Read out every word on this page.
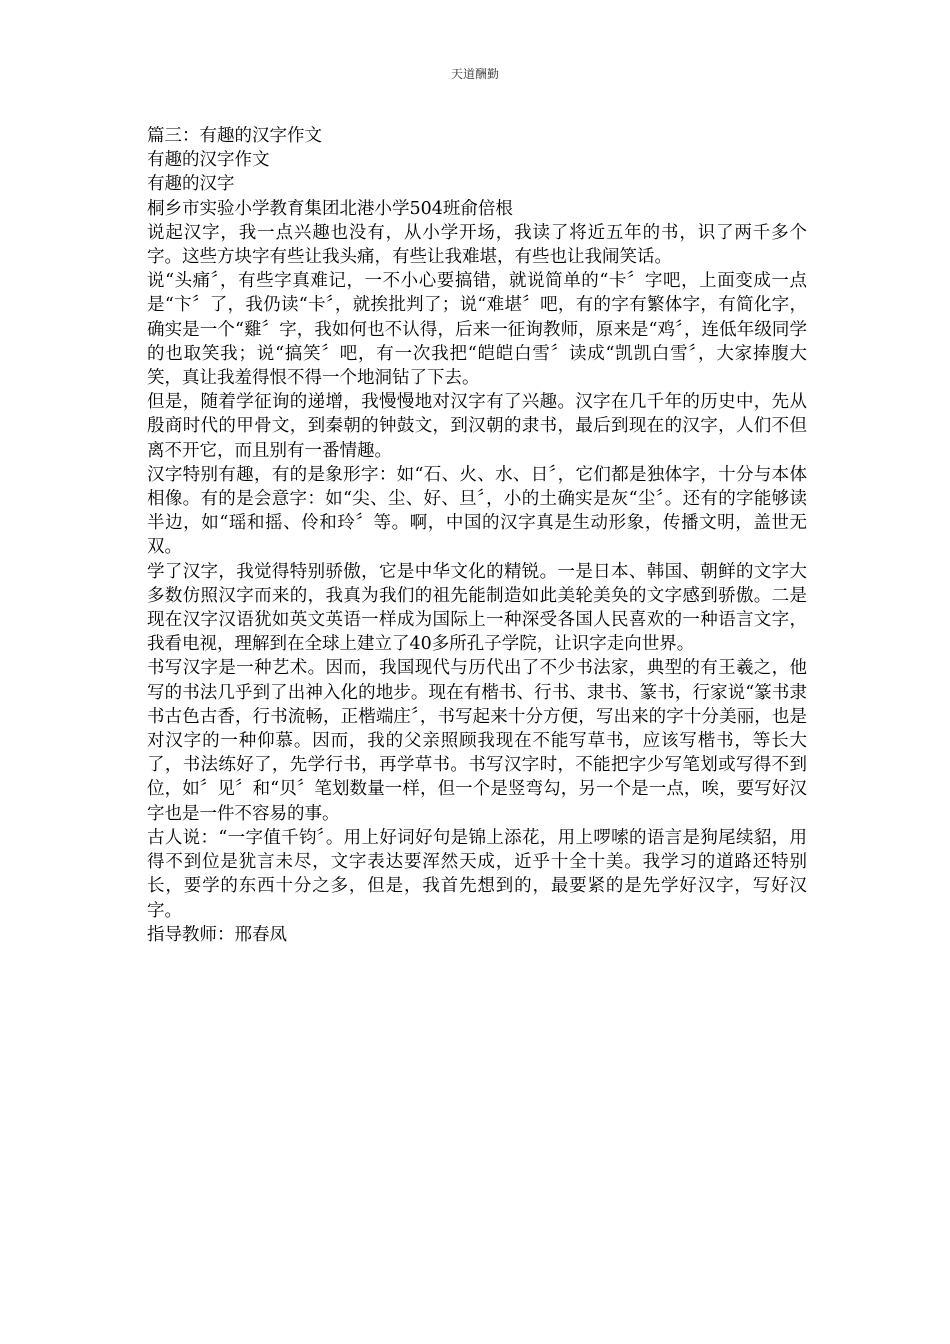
天道酬勤

篇三：有趣的汉字作文

有趣的汉字作文

有趣的汉字

桐乡市实验小学教育集团北港小学504班俞倍根

说起汉字，我一点兴趣也没有，从小学开场，我读了将近五年的书，识了两千多个字。这些方块字有些让我头痛，有些让我难堪，有些也让我闹笑话。

说“头痛〞，有些字真难记，一不小心要搞错，就说简单的“卡〞字吧，上面变成一点是“卞〞了，我仍读“卡〞，就挨批判了；说“难堪〞吧，有的字有繁体字，有简化字，确实是一个“雞〞字，我如何也不认得，后来一征询教师，原来是“鸡〞，连低年级同学的也取笑我；说“搞笑〞吧，有一次我把“皑皑白雪〞读成“凯凯白雪〞，大家捧腹大笑，真让我羞得恨不得一个地洞钻了下去。

但是，随着学征询的递增，我慢慢地对汉字有了兴趣。汉字在几千年的历史中，先从殷商时代的甲骨文，到秦朝的钟鼓文，到汉朝的隶书，最后到现在的汉字，人们不但离不开它，而且别有一番情趣。

汉字特别有趣，有的是象形字：如“石、火、水、日〞，它们都是独体字，十分与本体相像。有的是会意字：如“尖、尘、好、旦〞，小的土确实是灰“尘〞。还有的字能够读半边，如“瑶和摇、伶和玲〞等。啊，中国的汉字真是生动形象，传播文明，盖世无双。

学了汉字，我觉得特别骄傲，它是中华文化的精锐。一是日本、韩国、朝鲜的文字大多数仿照汉字而来的，我真为我们的祖先能制造如此美轮美奂的文字感到骄傲。二是现在汉字汉语犹如英文英语一样成为国际上一种深受各国人民喜欢的一种语言文字，我看电视，理解到在全球上建立了40多所孔子学院，让识字走向世界。

书写汉字是一种艺术。因而，我国现代与历代出了不少书法家，典型的有王羲之，他写的书法几乎到了出神入化的地步。现在有楷书、行书、隶书、篆书，行家说“篆书隶书古色古香，行书流畅，正楷端庄〞，书写起来十分方便，写出来的字十分美丽，也是对汉字的一种仰慕。因而，我的父亲照顾我现在不能写草书，应该写楷书，等长大了，书法练好了，先学行书，再学草书。书写汉字时，不能把字少写笔划或写得不到位，如〞见〞和“贝〞笔划数量一样，但一个是竖弯勾，另一个是一点，唉，要写好汉字也是一件不容易的事。

古人说：“一字值千钧〞。用上好词好句是锦上添花，用上啰嗦的语言是狗尾续貂，用得不到位是犹言未尽，文字表达要浑然天成，近乎十全十美。我学习的道路还特别长，要学的东西十分之多，但是，我首先想到的，最要紧的是先学好汉字，写好汉字。

指导教师：邢春凤
